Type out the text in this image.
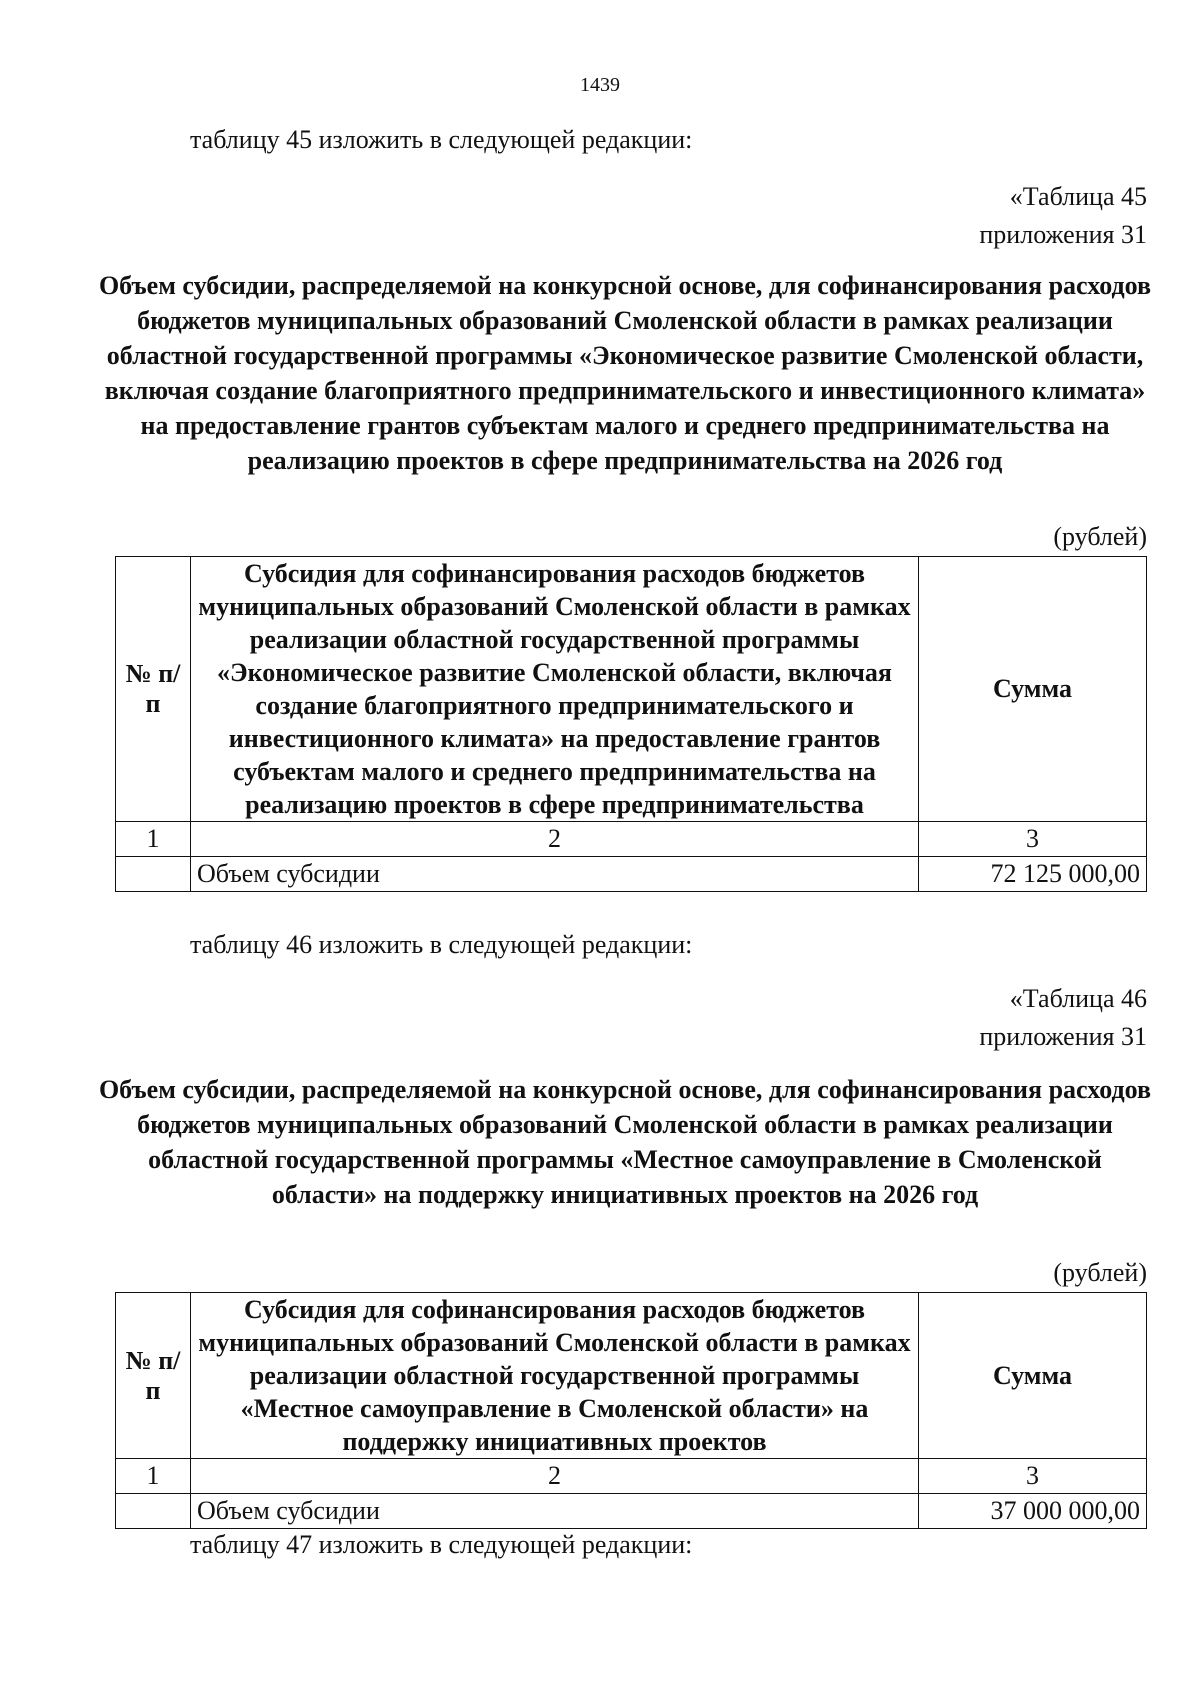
1439
таблицу 45 изложить в следующей редакции:
«Таблица 45
приложения 31
Объем субсидии, распределяемой на конкурсной основе, для софинансирования расходов бюджетов муниципальных образований Смоленской области в рамках реализации областной государственной программы «Экономическое развитие Смоленской области, включая создание благоприятного предпринимательского и инвестиционного климата» на предоставление грантов субъектам малого и среднего предпринимательства на реализацию проектов в сфере предпринимательства на 2026 год
(рублей)
№ п/п	Субсидия для софинансирования расходов бюджетов муниципальных образований Смоленской области в рамках реализации областной государственной программы «Экономическое развитие Смоленской области, включая создание благоприятного предпринимательского и инвестиционного климата» на предоставление грантов субъектам малого и среднего предпринимательства на реализацию проектов в сфере предпринимательства	Сумма
1	2	3
	Объем субсидии	72 125 000,00
таблицу 46 изложить в следующей редакции:
«Таблица 46
приложения 31
Объем субсидии, распределяемой на конкурсной основе, для софинансирования расходов бюджетов муниципальных образований Смоленской области в рамках реализации областной государственной программы «Местное самоуправление в Смоленской области» на поддержку инициативных проектов на 2026 год
(рублей)
№ п/п	Субсидия для софинансирования расходов бюджетов муниципальных образований Смоленской области в рамках реализации областной государственной программы «Местное самоуправление в Смоленской области» на поддержку инициативных проектов	Сумма
1	2	3
	Объем субсидии	37 000 000,00
таблицу 47 изложить в следующей редакции:
